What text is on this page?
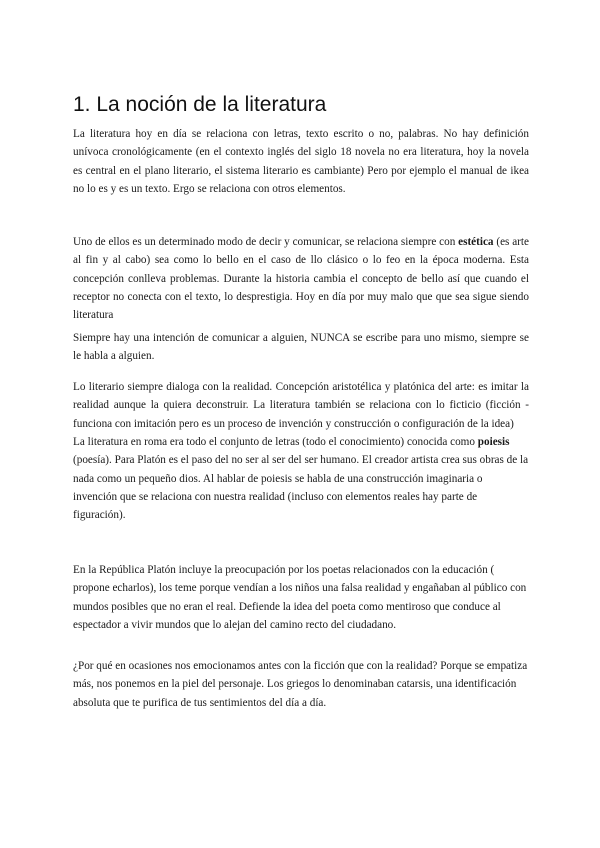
1. La noción de la literatura

La literatura hoy en día se relaciona con letras, texto escrito o no, palabras. No hay definición unívoca cronológicamente (en el contexto inglés del siglo 18 novela no era literatura, hoy la novela es central en el plano literario, el sistema literario es cambiante) Pero por ejemplo el manual de ikea no lo es y es un texto. Ergo se relaciona con otros elementos.

Uno de ellos es un determinado modo de decir y comunicar, se relaciona siempre con estética (es arte al fin y al cabo) sea como lo bello en el caso de llo clásico o lo feo en la época moderna. Esta concepción conlleva problemas. Durante la historia cambia el concepto de bello así que cuando el receptor no conecta con el texto, lo desprestigia. Hoy en día por muy malo que que sea sigue siendo literatura

Siempre hay una intención de comunicar a alguien, NUNCA se escribe para uno mismo, siempre se le habla a alguien.

Lo literario siempre dialoga con la realidad. Concepción aristotélica y platónica del arte: es imitar la realidad aunque la quiera deconstruir. La literatura también se relaciona con lo ficticio (ficción - funciona con imitación pero es un proceso de invención y construcción o configuración de la idea)

La literatura en roma era todo el conjunto de letras (todo el conocimiento) conocida como poiesis (poesía). Para Platón es el paso del no ser al ser del ser humano. El creador artista crea sus obras de la nada como un pequeño dios. Al hablar de poiesis se habla de una construcción imaginaria o invención que se relaciona con nuestra realidad (incluso con elementos reales hay parte de figuración).

En la República Platón incluye la preocupación por los poetas relacionados con la educación ( propone echarlos), los teme porque vendían a los niños una falsa realidad y engañaban al público con mundos posibles que no eran el real. Defiende la idea del poeta como mentiroso que conduce al espectador a vivir mundos que lo alejan del camino recto del ciudadano.

¿Por qué en ocasiones nos emocionamos antes con la ficción que con la realidad? Porque se empatiza más, nos ponemos en la piel del personaje. Los griegos lo denominaban catarsis, una identificación absoluta que te purifica de tus sentimientos del día a día.
